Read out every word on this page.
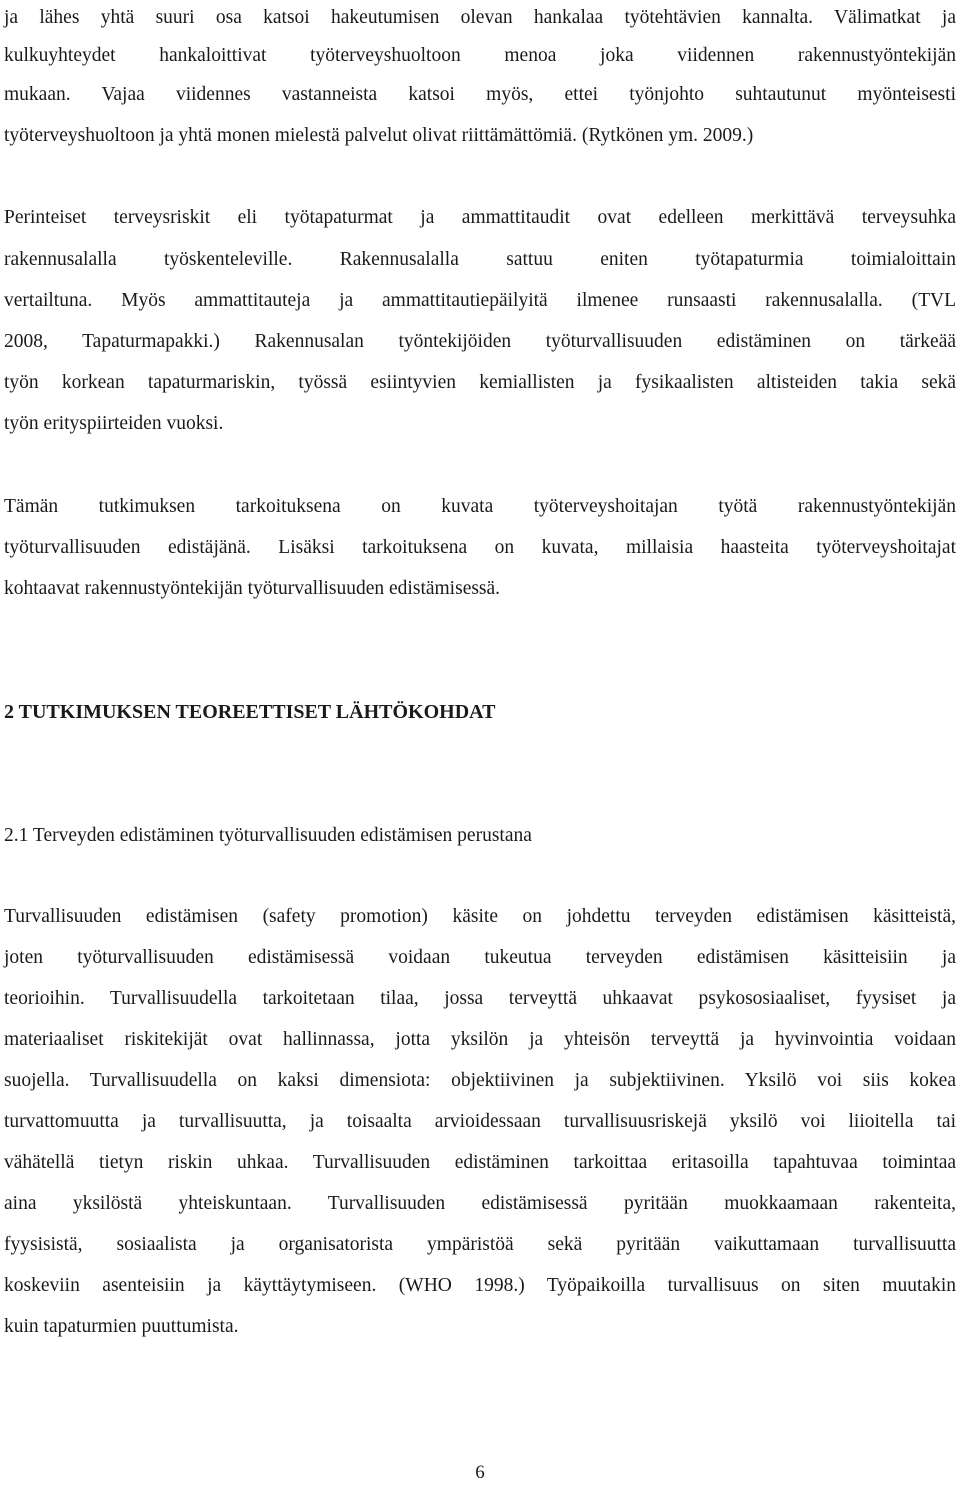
ja lähes yhtä suuri osa katsoi hakeutumisen olevan hankalaa työtehtävien kannalta. Välimatkat ja
kulkuyhteydet hankaloittivat työterveyshuoltoon menoa joka viidennen rakennustyöntekijän
mukaan. Vajaa viidennes vastanneista katsoi myös, ettei työnjohto suhtautunut myönteisesti
työterveyshuoltoon ja yhtä monen mielestä palvelut olivat riittämättömiä. (Rytkönen ym. 2009.)
Perinteiset terveysriskit eli työtapaturmat ja ammattitaudit ovat edelleen merkittävä terveysuhka
rakennusalalla työskenteleville. Rakennusalalla sattuu eniten työtapaturmia toimialoittain
vertailtuna. Myös ammattitauteja ja ammattitautiepäilyitä ilmenee runsaasti rakennusalalla. (TVL
2008, Tapaturmapakki.) Rakennusalan työntekijöiden työturvallisuuden edistäminen on tärkeää
työn korkean tapaturmariskin, työssä esiintyvien kemiallisten ja fysikaalisten altisteiden takia sekä
työn erityspiirteiden vuoksi.
Tämän tutkimuksen tarkoituksena on kuvata työterveyshoitajan työtä rakennustyöntekijän
työturvallisuuden edistäjänä. Lisäksi tarkoituksena on kuvata, millaisia haasteita työterveyshoitajat
kohtaavat rakennustyöntekijän työturvallisuuden edistämisessä.
2 TUTKIMUKSEN TEOREETTISET LÄHTÖKOHDAT
2.1 Terveyden edistäminen työturvallisuuden edistämisen perustana
Turvallisuuden edistämisen (safety promotion) käsite on johdettu terveyden edistämisen käsitteistä,
joten työturvallisuuden edistämisessä voidaan tukeutua terveyden edistämisen käsitteisiin ja
teorioihin. Turvallisuudella tarkoitetaan tilaa, jossa terveyttä uhkaavat psykososiaaliset, fyysiset ja
materiaaliset riskitekijät ovat hallinnassa, jotta yksilön ja yhteisön terveyttä ja hyvinvointia voidaan
suojella. Turvallisuudella on kaksi dimensiota: objektiivinen ja subjektiivinen. Yksilö voi siis kokea
turvattomuutta ja turvallisuutta, ja toisaalta arvioidessaan turvallisuusriskejä yksilö voi liioitella tai
vähätellä tietyn riskin uhkaa. Turvallisuuden edistäminen tarkoittaa eritasoilla tapahtuvaa toimintaa
aina yksilöstä yhteiskuntaan. Turvallisuuden edistämisessä pyritään muokkaamaan rakenteita,
fyysisistä, sosiaalista ja organisatorista ympäristöä sekä pyritään vaikuttamaan turvallisuutta
koskeviin asenteisiin ja käyttäytymiseen. (WHO 1998.) Työpaikoilla turvallisuus on siten muutakin
kuin tapaturmien puuttumista.
6
